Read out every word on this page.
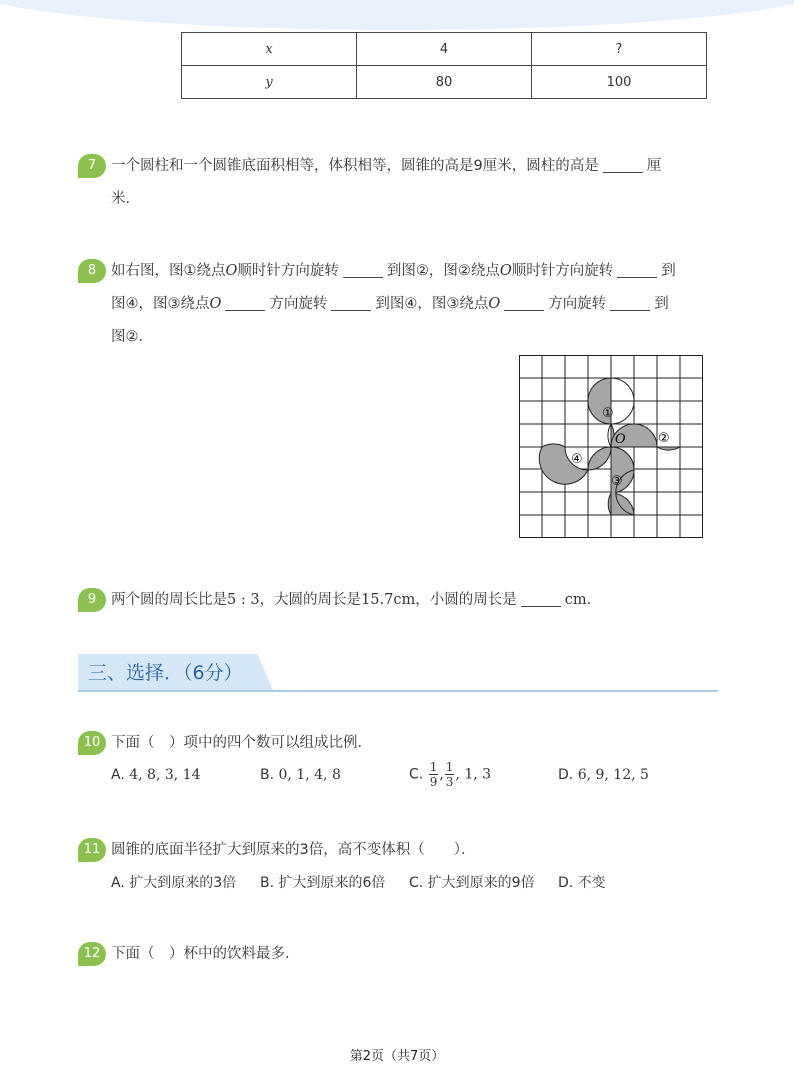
x	4	?
y	80	100
7	一个圆柱和一个圆锥底面积相等，体积相等，圆锥的高是9厘米，圆柱的高是	厘
米．
8	如右图，图①绕点O顺时针方向旋转	到图②，图②绕点O顺时针方向旋转	到
图④，图③绕点O	方向旋转	到图④，图③绕点O	方向旋转	到
图②．
①
②
③
④
O
9	两个圆的周长比是5 : 3，大圆的周长是15.7cm，小圆的周长是	cm．
三、选择．（6分）
10 下面（　）项中的四个数可以组成比例．
A. 4, 8, 3, 14	B. 0, 1, 4, 8	C. $\frac{1}{9}$ , $\frac{1}{3}$ , 1, 3	D. 6, 9, 12, 5
11 圆锥的底面半径扩大到原来的3倍，高不变体积（　　）．
A. 扩大到原来的3倍 B. 扩大到原来的6倍 C. 扩大到原来的9倍 D. 不变
12 下面（　）杯中的饮料最多．
第2页（共7页）
